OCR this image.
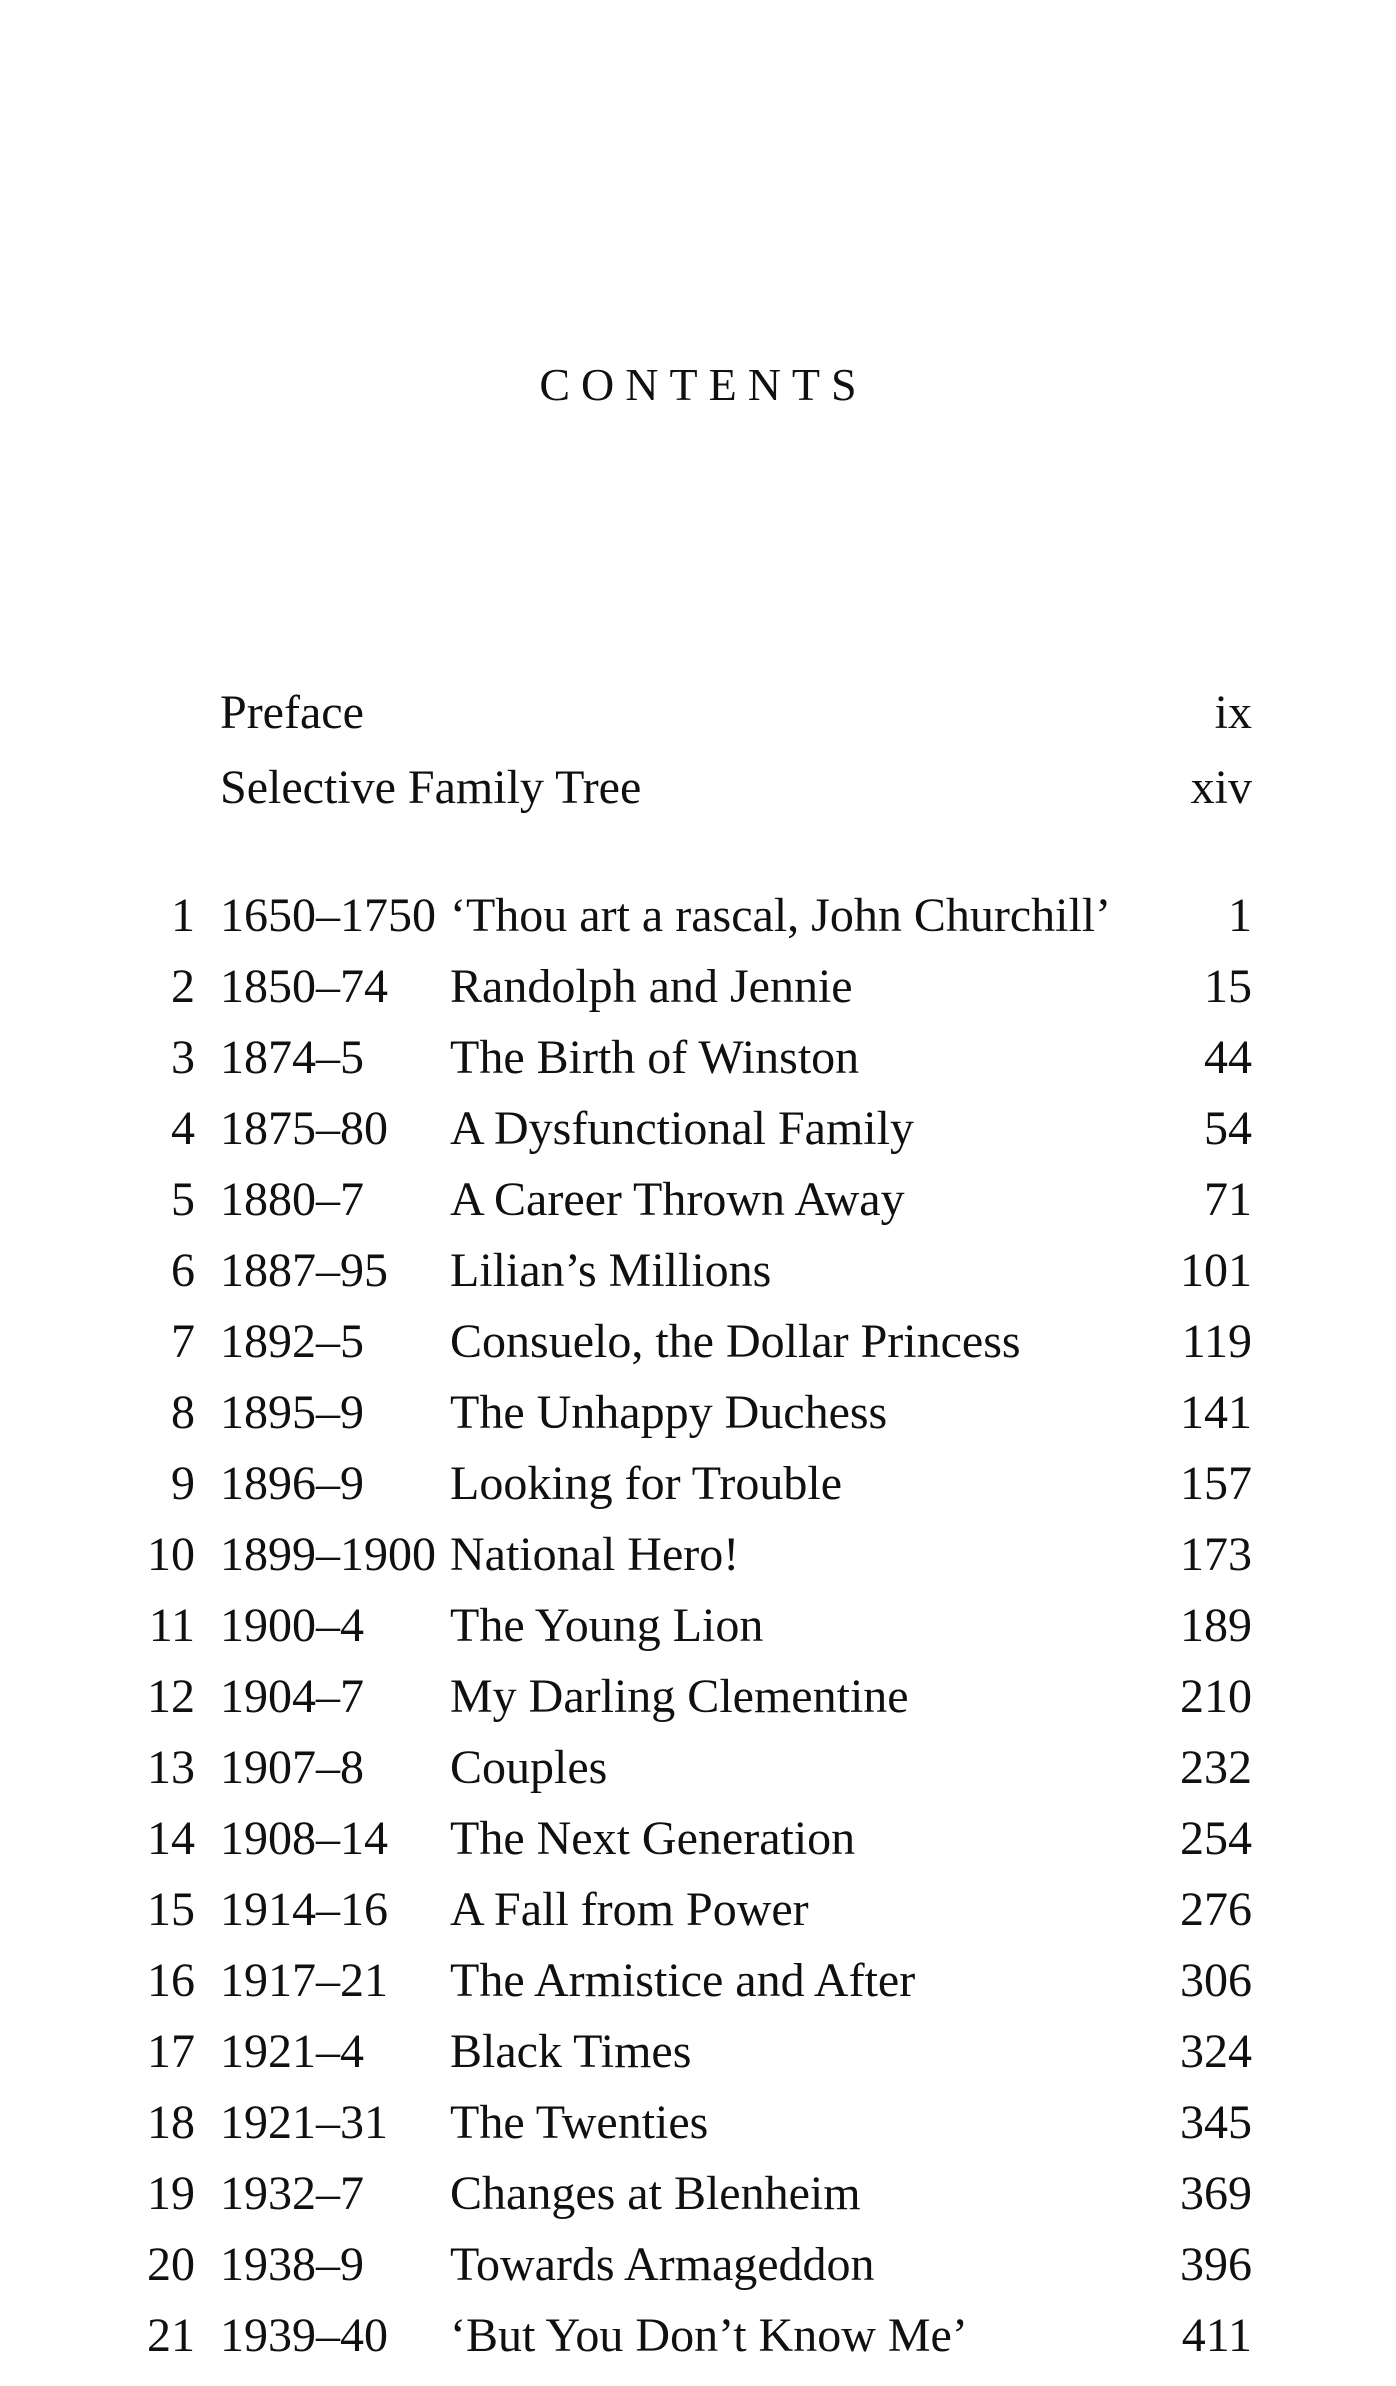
CONTENTS
Preface	ix
Selective Family Tree	xiv
1 1650–1750 ‘Thou art a rascal, John Churchill’	1
2 1850–74	Randolph and Jennie	15
3 1874–5	The Birth of Winston	44
4 1875–80	A Dysfunctional Family	54
5 1880–7	A Career Thrown Away	71
6 1887–95	Lilian’s Millions	101
7 1892–5	Consuelo, the Dollar Princess	119
8 1895–9	The Unhappy Duchess	141
9 1896–9	Looking for Trouble	157
10 1899–1900 National Hero!	173
11 1900–4	The Young Lion	189
12 1904–7	My Darling Clementine	210
13 1907–8	Couples	232
14 1908–14	The Next Generation	254
15 1914–16	A Fall from Power	276
16 1917–21	The Armistice and After	306
17 1921–4	Black Times	324
18 1921–31	The Twenties	345
19 1932–7	Changes at Blenheim	369
20 1938–9	Towards Armageddon	396
21 1939–40	‘But You Don’t Know Me’	411
